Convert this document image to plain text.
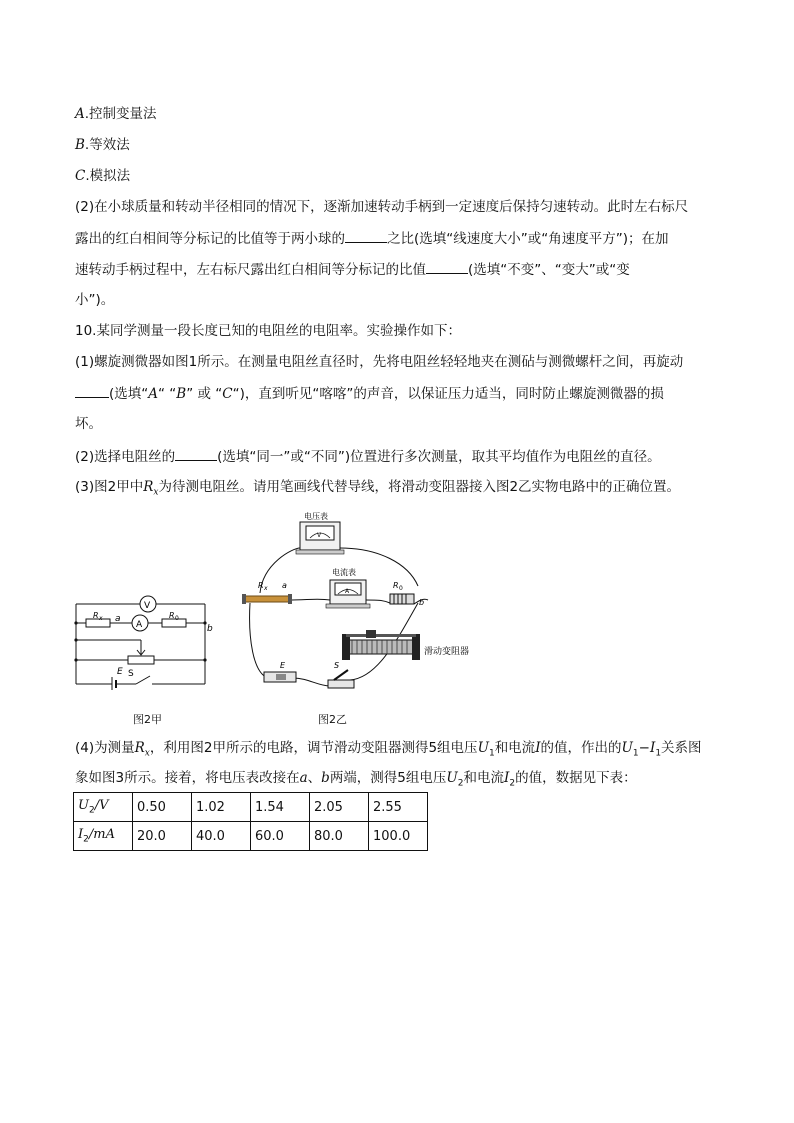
A.控制变量法
B.等效法
C.模拟法
(2)在小球质量和转动半径相同的情况下，逐渐加速转动手柄到一定速度后保持匀速转动。此时左右标尺
露出的红白相间等分标记的比值等于两小球的	之比(选填“线速度大小”或“角速度平方”)；在加
速转动手柄过程中，左右标尺露出红白相间等分标记的比值	(选填“不变”、“变大”或“变
小”)。
10.某同学测量一段长度已知的电阻丝的电阻率。实验操作如下：
(1)螺旋测微器如图1所示。在测量电阻丝直径时，先将电阻丝轻轻地夹在测砧与测微螺杆之间，再旋动
(选填“A“ “B” 或 “C“)，直到听见“喀喀”的声音，以保证压力适当，同时防止螺旋测微器的损
坏。
(2)选择电阻丝的	(选填“同一”或“不同”)位置进行多次测量，取其平均值作为电阻丝的直径。
(3)图2甲中$R_x$为待测电阻丝。请用笔画线代替导线，将滑动变阻器接入图2乙实物电路中的正确位置。
V
A
R x a	R 0
b
E S
图2甲
V
电压表
A
电流表
R x a	R 0
b
滑动变阻器
E	S
图2乙
(4)为测量$R_x$，利用图2甲所示的电路，调节滑动变阻器测得5组电压$U_1$和电流I的值，作出的$U_1-I_1$关系图
象如图3所示。接着，将电压表改接在a、b两端，测得5组电压$U_2$和电流$I_2$的值，数据见下表：
$U_2/V$	0.50	1.02	1.54	2.05	2.55
$I_2/mA$	20.0	40.0	60.0	80.0	100.0
